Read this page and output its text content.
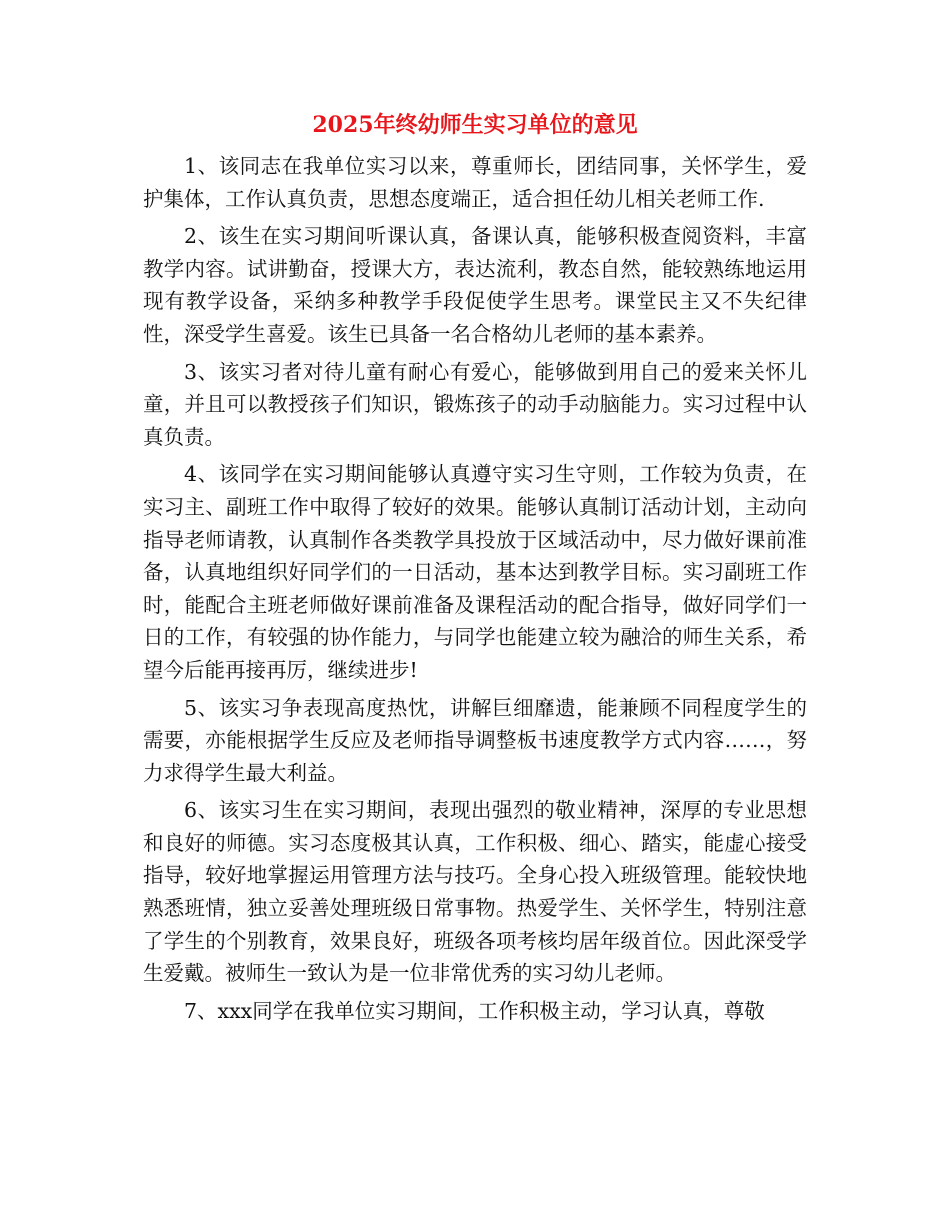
2025年终幼师生实习单位的意见

1、该同志在我单位实习以来，尊重师长，团结同事，关怀学生，爱护集体，工作认真负责，思想态度端正，适合担任幼儿相关老师工作.

2、该生在实习期间听课认真，备课认真，能够积极查阅资料，丰富教学内容。试讲勤奋，授课大方，表达流利，教态自然，能较熟练地运用现有教学设备，采纳多种教学手段促使学生思考。课堂民主又不失纪律性，深受学生喜爱。该生已具备一名合格幼儿老师的基本素养。

3、该实习者对待儿童有耐心有爱心，能够做到用自己的爱来关怀儿童，并且可以教授孩子们知识，锻炼孩子的动手动脑能力。实习过程中认真负责。

4、该同学在实习期间能够认真遵守实习生守则，工作较为负责，在实习主、副班工作中取得了较好的效果。能够认真制订活动计划，主动向指导老师请教，认真制作各类教学具投放于区域活动中，尽力做好课前准备，认真地组织好同学们的一日活动，基本达到教学目标。实习副班工作时，能配合主班老师做好课前准备及课程活动的配合指导，做好同学们一日的工作，有较强的协作能力，与同学也能建立较为融洽的师生关系，希望今后能再接再厉，继续进步!

5、该实习争表现高度热忱，讲解巨细靡遗，能兼顾不同程度学生的需要，亦能根据学生反应及老师指导调整板书速度教学方式内容……，努力求得学生最大利益。

6、该实习生在实习期间，表现出强烈的敬业精神，深厚的专业思想和良好的师德。实习态度极其认真，工作积极、细心、踏实，能虚心接受指导，较好地掌握运用管理方法与技巧。全身心投入班级管理。能较快地熟悉班情，独立妥善处理班级日常事物。热爱学生、关怀学生，特别注意了学生的个别教育，效果良好，班级各项考核均居年级首位。因此深受学生爱戴。被师生一致认为是一位非常优秀的实习幼儿老师。

7、xxx同学在我单位实习期间，工作积极主动，学习认真，尊敬
